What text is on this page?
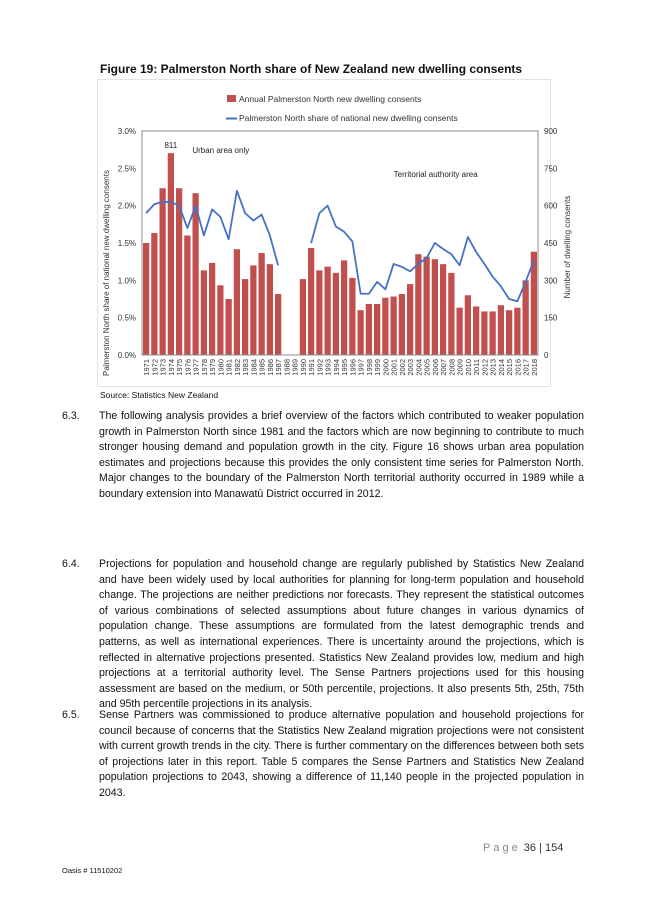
Figure 19: Palmerston North share of New Zealand new dwelling consents
Annual Palmerston North new dwelling consents
Palmerston North share of national new dwelling consents
0.0%
0.5%
1.0%
1.5%
2.0%
2.5%
3.0%
0
150
300
450
600
750
900
1971 1972 1973 1974 1975 1976 1977 1978 1979 1980 1981 1982 1983 1984 1985 1986 1987 1988 1989 1990 1991 1992 1993 1994 1995 1996 1997 1998 1999 2000 2001 2002 2003 2004 2005 2006 2007 2008 2009 2010 2011 2012 2013 2014 2015 2016 2017 2018
811
Urban area only
Territorial authority area
Palmerston North share of national new dwelling consents	Number of dwelling consents
Source: Statistics New Zealand
6.3.	The following analysis provides a brief overview of the factors which contributed to weaker population growth in Palmerston North since 1981 and the factors which are now beginning to contribute to much stronger housing demand and population growth in the city. Figure 16 shows urban area population estimates and projections because this provides the only consistent time series for Palmerston North. Major changes to the boundary of the Palmerston North territorial authority occurred in 1989 while a boundary extension into Manawatū District occurred in 2012.
6.4.	Projections for population and household change are regularly published by Statistics New Zealand and have been widely used by local authorities for planning for long-term population and household change. The projections are neither predictions nor forecasts. They represent the statistical outcomes of various combinations of selected assumptions about future changes in various dynamics of population change. These assumptions are formulated from the latest demographic trends and patterns, as well as international experiences. There is uncertainty around the projections, which is reflected in alternative projections presented. Statistics New Zealand provides low, medium and high projections at a territorial authority level. The Sense Partners projections used for this housing assessment are based on the medium, or 50th percentile, projections. It also presents 5th, 25th, 75th and 95th percentile projections in its analysis.
6.5.	Sense Partners was commissioned to produce alternative population and household projections for council because of concerns that the Statistics New Zealand migration projections were not consistent with current growth trends in the city. There is further commentary on the differences between both sets of projections later in this report. Table 5 compares the Sense Partners and Statistics New Zealand population projections to 2043, showing a difference of 11,140 people in the projected population in 2043.
Page 36 | 154
Oasis # 11510202
